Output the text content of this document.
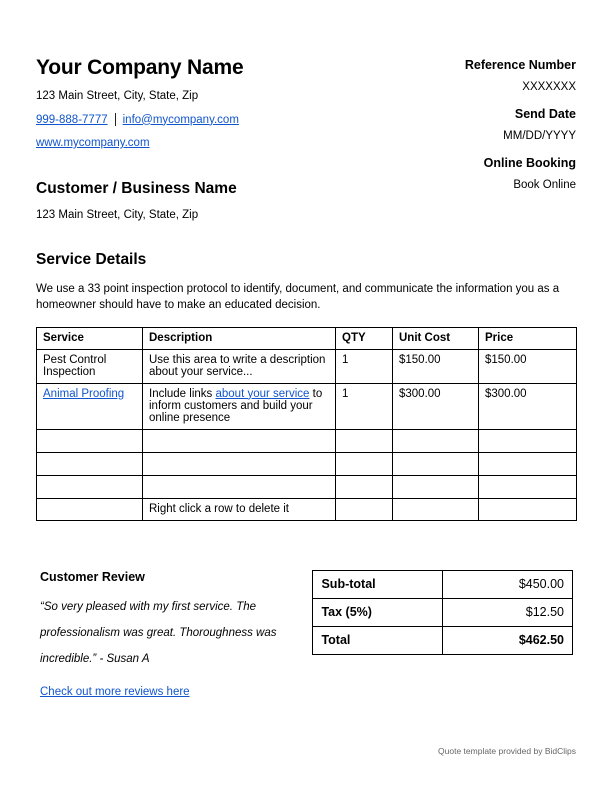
Your Company Name
123 Main Street, City, State, Zip
999-888-7777 info@mycompany.com
www.mycompany.com
Customer / Business Name
123 Main Street, City, State, Zip
Reference Number
XXXXXXX
Send Date
MM/DD/YYYY
Online Booking
Book Online
Service Details
We use a 33 point inspection protocol to identify, document, and communicate the information you as a homeowner should have to make an educated decision.
Service	Description	QTY	Unit Cost	Price
Pest Control Inspection	Use this area to write a description about your service...	1	$150.00	$150.00
Animal Proofing	Include links about your service to inform customers and build your online presence	1	$300.00	$300.00

	Right click a row to delete it			
Customer Review
“So very pleased with my first service. The professionalism was great. Thoroughness was incredible.” - Susan A
Check out more reviews here
Sub-total	$450.00
Tax (5%)	$12.50
Total	$462.50
Quote template provided by BidClips
